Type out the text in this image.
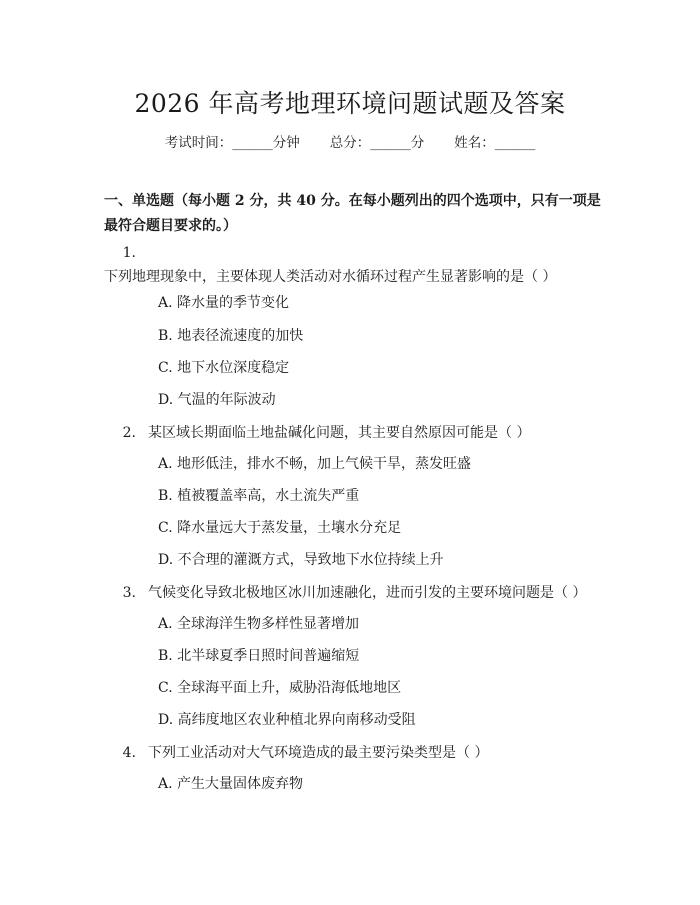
2026 年高考地理环境问题试题及答案
考试时间：______分钟 总分：______分 姓名：______
一、单选题（每小题 2 分，共 40 分。在每小题列出的四个选项中，只有一项是最符合题目要求的。）
1.下列地理现象中，主要体现人类活动对水循环过程产生显著影响的是（ ）
A. 降水量的季节变化
B. 地表径流速度的加快
C. 地下水位深度稳定
D. 气温的年际波动
2. 某区域长期面临土地盐碱化问题，其主要自然原因可能是（ ）
A. 地形低洼，排水不畅，加上气候干旱，蒸发旺盛
B. 植被覆盖率高，水土流失严重
C. 降水量远大于蒸发量，土壤水分充足
D. 不合理的灌溉方式，导致地下水位持续上升
3. 气候变化导致北极地区冰川加速融化，进而引发的主要环境问题是（ ）
A. 全球海洋生物多样性显著增加
B. 北半球夏季日照时间普遍缩短
C. 全球海平面上升，威胁沿海低地地区
D. 高纬度地区农业种植北界向南移动受阻
4. 下列工业活动对大气环境造成的最主要污染类型是（ ）
A. 产生大量固体废弃物
